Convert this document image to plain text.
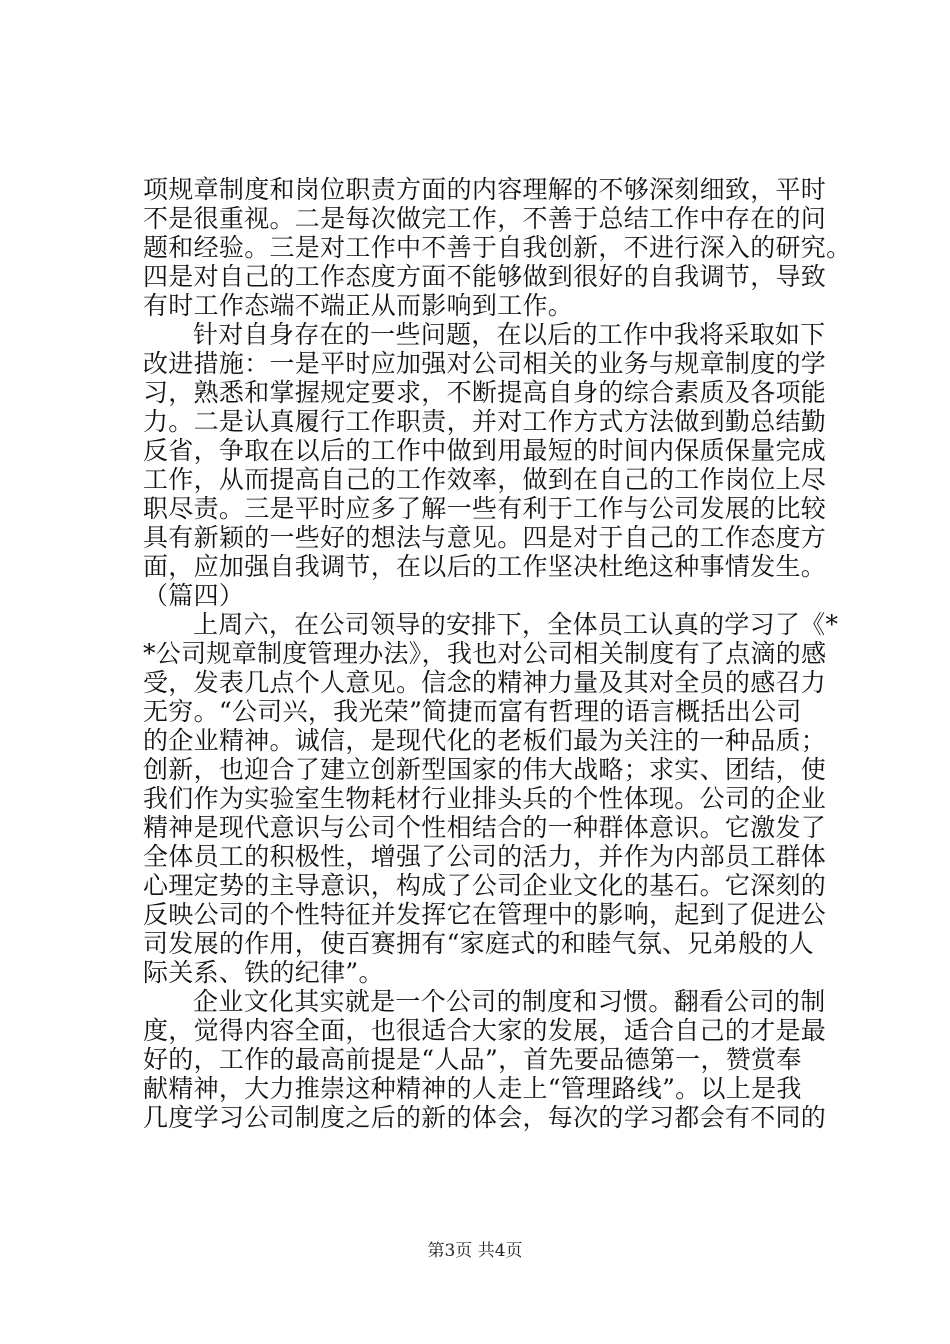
项规章制度和岗位职责方面的内容理解的不够深刻细致，平时
不是很重视。二是每次做完工作，不善于总结工作中存在的问
题和经验。三是对工作中不善于自我创新，不进行深入的研究。
四是对自己的工作态度方面不能够做到很好的自我调节，导致
有时工作态端不端正从而影响到工作。
针对自身存在的一些问题，在以后的工作中我将采取如下
改进措施：一是平时应加强对公司相关的业务与规章制度的学
习，熟悉和掌握规定要求，不断提高自身的综合素质及各项能
力。二是认真履行工作职责，并对工作方式方法做到勤总结勤
反省，争取在以后的工作中做到用最短的时间内保质保量完成
工作，从而提高自己的工作效率，做到在自己的工作岗位上尽
职尽责。三是平时应多了解一些有利于工作与公司发展的比较
具有新颖的一些好的想法与意见。四是对于自己的工作态度方
面，应加强自我调节，在以后的工作坚决杜绝这种事情发生。
（篇四）
上周六，在公司领导的安排下，全体员工认真的学习了《*
*公司规章制度管理办法》，我也对公司相关制度有了点滴的感
受，发表几点个人意见。信念的精神力量及其对全员的感召力
无穷。“公司兴，我光荣”简捷而富有哲理的语言概括出公司
的企业精神。诚信，是现代化的老板们最为关注的一种品质；
创新，也迎合了建立创新型国家的伟大战略；求实、团结，使
我们作为实验室生物耗材行业排头兵的个性体现。公司的企业
精神是现代意识与公司个性相结合的一种群体意识。它激发了
全体员工的积极性，增强了公司的活力，并作为内部员工群体
心理定势的主导意识，构成了公司企业文化的基石。它深刻的
反映公司的个性特征并发挥它在管理中的影响，起到了促进公
司发展的作用，使百赛拥有“家庭式的和睦气氛、兄弟般的人
际关系、铁的纪律”。
企业文化其实就是一个公司的制度和习惯。翻看公司的制
度，觉得内容全面，也很适合大家的发展，适合自己的才是最
好的，工作的最高前提是“人品”，首先要品德第一，赞赏奉
献精神，大力推崇这种精神的人走上“管理路线”。以上是我
几度学习公司制度之后的新的体会，每次的学习都会有不同的
第3页 共4页
